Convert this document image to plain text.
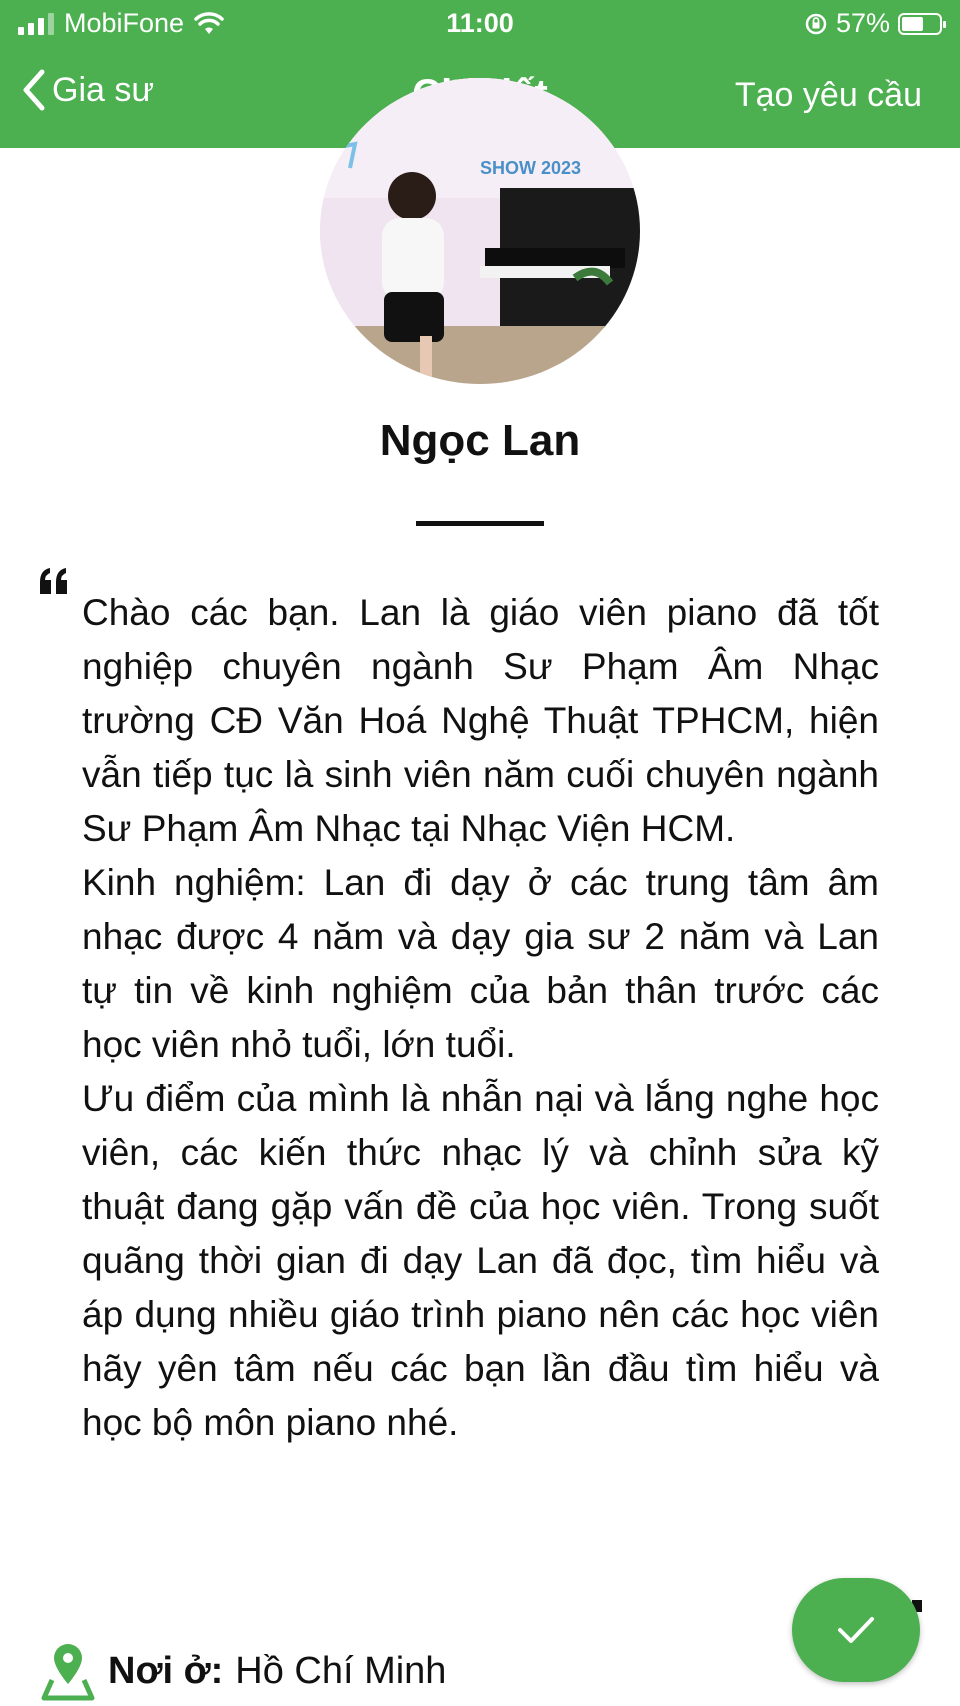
MobiFone	11:00	57%
Gia sư	Tạo yêu cầu
SHOW 2023
Ngọc Lan

Chào các bạn. Lan là giáo viên piano đã tốt nghiệp chuyên ngành Sư Phạm Âm Nhạc trường CĐ Văn Hoá Nghệ Thuật TPHCM, hiện vẫn tiếp tục là sinh viên năm cuối chuyên ngành Sư Phạm Âm Nhạc tại Nhạc Viện HCM.

Kinh nghiệm: Lan đi dạy ở các trung tâm âm nhạc được 4 năm và dạy gia sư 2 năm và Lan tự tin về kinh nghiệm của bản thân trước các học viên nhỏ tuổi, lớn tuổi.

Ưu điểm của mình là nhẫn nại và lắng nghe học viên, các kiến thức nhạc lý và chỉnh sửa kỹ thuật đang gặp vấn đề của học viên. Trong suốt quãng thời gian đi dạy Lan đã đọc, tìm hiểu và áp dụng nhiều giáo trình piano nên các học viên hãy yên tâm nếu các bạn lần đầu tìm hiểu và học bộ môn piano nhé.

Nơi ở: Hồ Chí Minh
